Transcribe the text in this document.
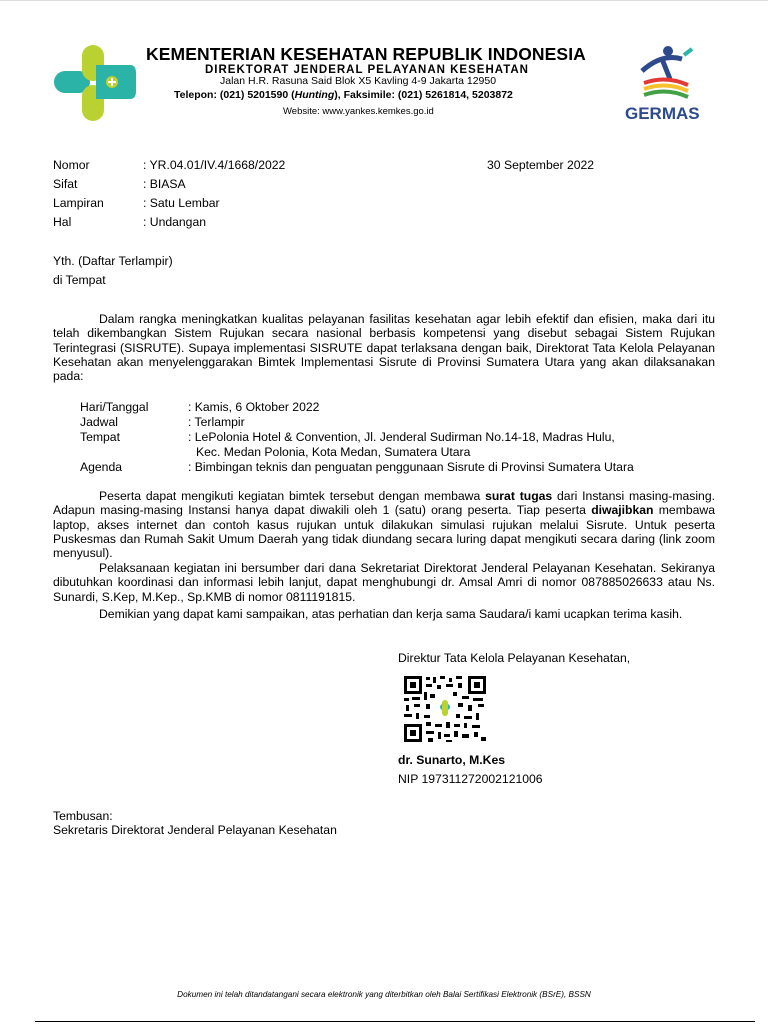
KEMENTERIAN KESEHATAN REPUBLIK INDONESIA
DIREKTORAT JENDERAL PELAYANAN KESEHATAN
Jalan H.R. Rasuna Said Blok X5 Kavling 4-9 Jakarta 12950
Telepon: (021) 5201590 (Hunting), Faksimile: (021) 5261814, 5203872
Website: www.yankes.kemkes.go.id	GERMAS
Nomor	: YR.04.01/IV.4/1668/2022	30 September 2022
Sifat	: BIASA
Lampiran	: Satu Lembar
Hal	: Undangan
Yth. (Daftar Terlampir)
di Tempat

Dalam rangka meningkatkan kualitas pelayanan fasilitas kesehatan agar lebih efektif dan efisien, maka dari itu telah dikembangkan Sistem Rujukan secara nasional berbasis kompetensi yang disebut sebagai Sistem Rujukan Terintegrasi (SISRUTE). Supaya implementasi SISRUTE dapat terlaksana dengan baik, Direktorat Tata Kelola Pelayanan Kesehatan akan menyelenggarakan Bimtek Implementasi Sisrute di Provinsi Sumatera Utara yang akan dilaksanakan pada:

Hari/Tanggal	: Kamis, 6 Oktober 2022
Jadwal	: Terlampir
Tempat	: LePolonia Hotel & Convention, Jl. Jenderal Sudirman No.14-18, Madras Hulu,
Kec. Medan Polonia, Kota Medan, Sumatera Utara
Agenda	: Bimbingan teknis dan penguatan penggunaan Sisrute di Provinsi Sumatera Utara

Peserta dapat mengikuti kegiatan bimtek tersebut dengan membawa surat tugas dari Instansi masing-masing. Adapun masing-masing Instansi hanya dapat diwakili oleh 1 (satu) orang peserta. Tiap peserta diwajibkan membawa laptop, akses internet dan contoh kasus rujukan untuk dilakukan simulasi rujukan melalui Sisrute. Untuk peserta Puskesmas dan Rumah Sakit Umum Daerah yang tidak diundang secara luring dapat mengikuti secara daring (link zoom menyusul).

Pelaksanaan kegiatan ini bersumber dari dana Sekretariat Direktorat Jenderal Pelayanan Kesehatan. Sekiranya dibutuhkan koordinasi dan informasi lebih lanjut, dapat menghubungi dr. Amsal Amri di nomor 087885026633 atau Ns. Sunardi, S.Kep, M.Kep., Sp.KMB di nomor 0811191815.

Demikian yang dapat kami sampaikan, atas perhatian dan kerja sama Saudara/i kami ucapkan terima kasih.

Direktur Tata Kelola Pelayanan Kesehatan,
dr. Sunarto, M.Kes
NIP 197311272002121006
Tembusan:
Sekretaris Direktorat Jenderal Pelayanan Kesehatan
Dokumen ini telah ditandatangani secara elektronik yang diterbitkan oleh Balai Sertifikasi Elektronik (BSrE), BSSN
